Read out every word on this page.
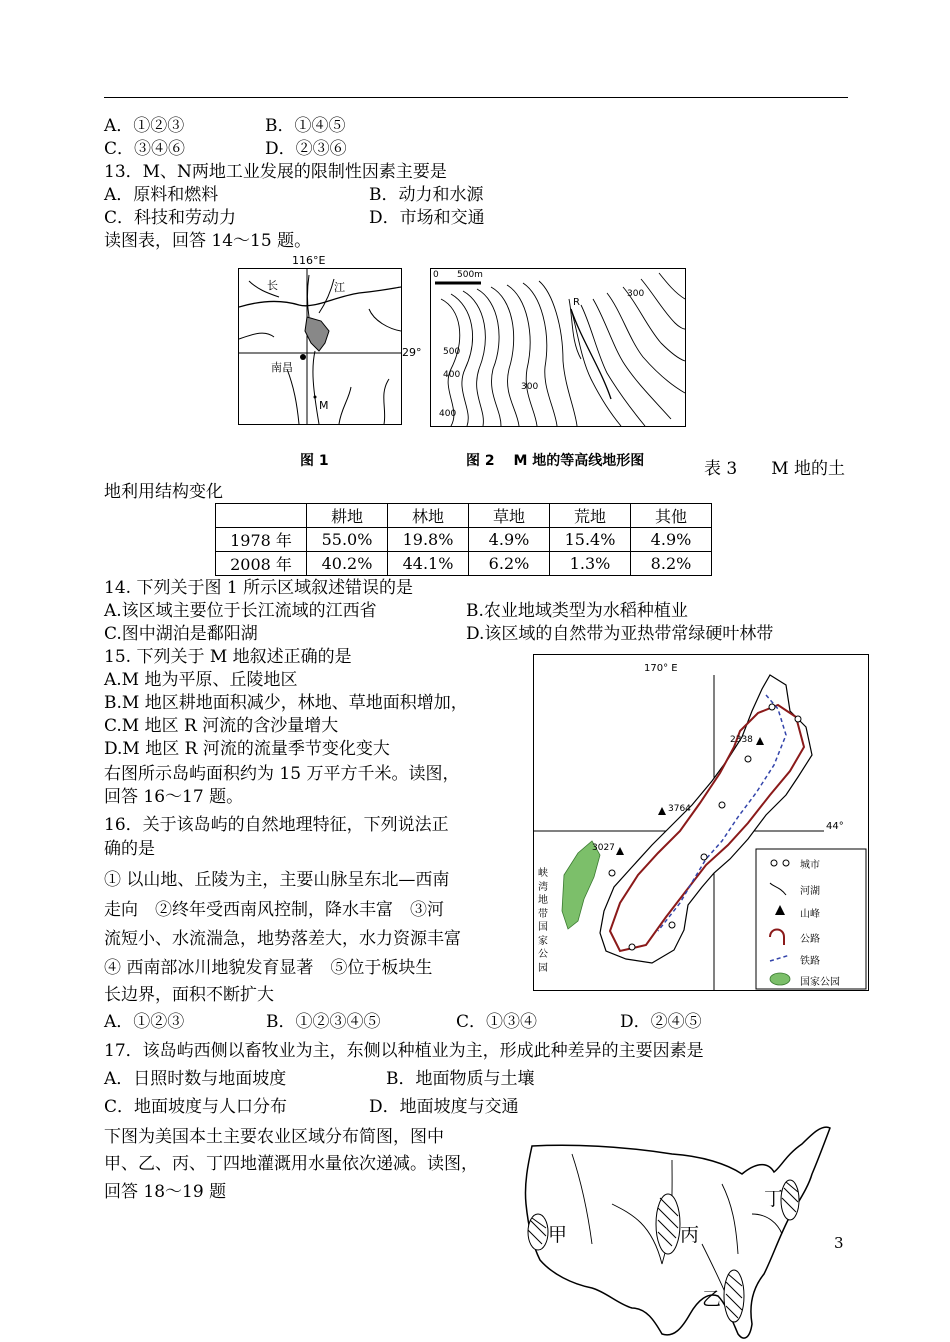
A．①②③	B．①④⑤
C．③④⑥	D．②③⑥
13．M、N两地工业发展的限制性因素主要是
A．原料和燃料	B．动力和水源
C．科技和劳动力	D．市场和交通
读图表，回答 14～15 题。
长	江
南昌
M
116°E
29°
图 1
0 500m
R
300
500
400
300
400
图 2　 M 地的等高线地形图	表 3　　M 地的土
地利用结构变化
	耕地	林地	草地	荒地	其他
1978 年	55.0%	19.8%	4.9%	15.4%	4.9%
2008 年	40.2%	44.1%	6.2%	1.3%	8.2%
14. 下列关于图 1 所示区域叙述错误的是
A.该区域主要位于长江流域的江西省	B.农业地域类型为水稻种植业
C.图中湖泊是鄱阳湖	D.该区域的自然带为亚热带常绿硬叶林带
15. 下列关于 M 地叙述正确的是
A.M 地为平原、丘陵地区
B.M 地区耕地面积减少，林地、草地面积增加，
C.M 地区 R 河流的含沙量增大
D.M 地区 R 河流的流量季节变化变大
右图所示岛屿面积约为 15 万平方千米。读图，
回答 16～17 题。
16．关于该岛屿的自然地理特征，下列说法正
确的是
① 以山地、丘陵为主，主要山脉呈东北—西南
走向　②终年受西南风控制，降水丰富　③河
流短小、水流湍急，地势落差大，水力资源丰富
④ 西南部冰川地貌发育显著　⑤位于板块生
长边界，面积不断扩大
A．①②③	B．①②③④⑤	C．①③④	D．②④⑤
170° E
44°
2338
3764
3027
峡
湾
地
带
国
家
公
园
城市
河湖
山峰
公路
铁路
国家公园
17．该岛屿西侧以畜牧业为主，东侧以种植业为主，形成此种差异的主要因素是
A．日照时数与地面坡度	B．地面物质与土壤
C．地面坡度与人口分布	D．地面坡度与交通
下图为美国本土主要农业区域分布简图，图中
甲、乙、丙、丁四地灌溉用水量依次递减。读图，
回答 18～19 题
甲	丙
丁
乙
3
